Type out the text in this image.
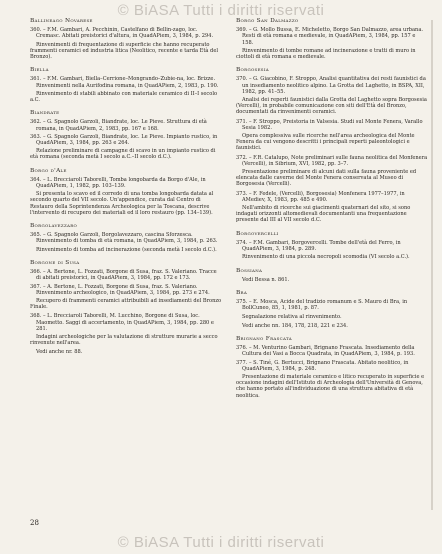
© BiASA Tutti i diritti riservati
Ballineago Novarese
360. – F.M. Gambari, A. Pecchinin, Castelfano di Bellin-zago, loc. Cremasc. Abitati preistorici d'altura, in QuadAPiem, 3, 1984, p. 294.
Rinvenimenti di frequentazione di superficie che hanno recuperato frammenti ceramici ed industria litica (Neolitico, recente e tarda Età del Bronzo).
Biella
361. – F.M. Gambari, Biella–Cerrione–Mongrando–Zubie-na, loc. Brizze. Rinvenimenti nella Aurifodina romana, in QuadAPiem, 2, 1983, p. 190.
Rinvenimento di stabili abbinato con materiale ceramico di II–I secolo a.C.
Biandrate
362. – G. Spagnolo Garzoli, Biandrate, loc. Le Pieve. Struttura di età romana, in QuadAPiem, 2, 1983, pp. 167 e 168.
363. – G. Spagnolo Garzoli, Biandrate, loc. Le Pieve. Impianto rustico, in QuadAPiem, 3, 1984, pp. 263 e 264.
Relazione preliminare di campagne di scavo in un impianto rustico di età romana (seconda metà I secolo a.C.–II secolo d.C.).
Borgo d'Ale
364. – L. Brecciaroli Taborelli, Tomba longobarda da Borgo d'Ale, in QuadAPiem, 1, 1982, pp. 103–139.
Si presenta lo scavo ed il corredo di una tomba longobarda datata al secondo quarto del VII secolo. Un'appendice, curata dal Centro di Restauro della Soprintendenza Archeologica per la Toscana, descrive l'intervento di recupero dei materiali ed il loro restauro (pp. 134–139).
Borgolavezzaro
365. – G. Spagnolo Garzoli, Borgolavezzaro, cascina Sforzesca. Rinvenimento di tomba di età romana, in QuadAPiem, 3, 1984, p. 263.
Rinvenimento di tomba ad incinerazione (seconda metà I secolo d.C.).
Borgone di Susa
366. – A. Bertone, L. Fozzati, Borgone di Susa, fraz. S. Valeriano. Tracce di abitati preistorici, in QuadAPiem, 3, 1984, pp. 172 e 173.
367. – A. Bertone, L. Fozzati, Borgone di Susa, fraz. S. Valeriano. Rinvenimento archeologico, in QuadAPiem, 3, 1984, pp. 273 e 274.
Recupero di frammenti ceramici attribuibili ad insediamenti del Bronzo Finale.
368. – L. Brecciaroli Taborelli, M. Lucchino, Borgone di Susa, loc. Maometto. Saggi di accertamento, in QuadAPiem, 3, 1984, pp. 280 e 281.
Indagini archeologiche per la valutazione di strutture murarie a secco rinvenute nell'area.
Vedi anche nr. 88.
Borgo San Dalmazzo
369. – G. Mollo Bussa, E. Micheletto, Borgo San Dalmazzo, area urbana. Resti di età romana e medievale, in QuadAPiem, 3, 1984, pp. 157 e 158.
Rinvenimento di tombe romane ad incinerazione e tratti di muro in ciottoli di età romana e medievale.
Borgosesia
370. – G. Giacobino, F. Stroppo, Analisi quantitativa dei resti faunistici da un insediamento neolitico alpino. La Grotta del Laghetto, in BSPA, XII, 1982, pp. 41–55.
Analisi dei reperti faunistici dalla Grotta del Laghetto sopra Borgosesia (Vercelli), in probabile comunicazione con siti dell'Età del Bronzo, documentati da rinvenimenti ceramici.
371. – F. Stroppo, Preistoria in Valsesia. Studi sul Monte Fenera, Varallo Sesia 1982.
Opera complessiva sulle ricerche nell'area archeologica del Monte Fenera da cui vengono descritti i principali reperti paleontologici e faunistici.
372. – F.R. Catalupo, Note preliminari sulle fauna neolitica del Monfenera (Vercelli), in Sibrium, XVI, 1982, pp. 3–7.
Presentazione preliminare di alcuni dati sulla fauna proveniente ed elencata dalle caverne del Monte Fenera conservata al Museo di Borgosesia (Vercelli).
373. – F. Fedele, (Vercelli), Borgosesia) Monfenera 1977–1977, in AMediev, X, 1983, pp. 485 e 490.
Nell'ambito di ricerche sui giacimenti quaternari del sito, si sono indagati orizzonti altomedievali documentanti una frequentazione presente dal III al VII secolo d.C.
Borgovercelli
374. – F.M. Gambari, Borgovercelli. Tombe dell'età del Ferro, in QuadAPiem, 3, 1984, p. 289.
Rinvenimento di una piccola necropoli scomodia (VI secolo a.C.).
Bossiana
Vedi Bessa n. 861.
Bra
375. – E. Mosca, Acide del tradizio romanum e S. Mauro di Bra, in BollCuneo, 85, 1, 1981, p. 87.
Segnalazione relativa al rinvenimento.
Vedi anche nn. 184, 178, 218, 221 e 234.
Brignano Frascata
376. – M. Venturino Gambari, Brignano Frascata. Insediamento della Cultura dei Vasi a Bocca Quadrata, in QuadAPiem, 3, 1984, p. 193.
377. – S. Tiné, G. Bertucci, Brignano Frascata. Abitato neolitico, in QuadAPiem, 3, 1984, p. 248.
Presentazione di materiale ceramico e litico recuperato in superficie e occasione indagini dell'Istituto di Archeologia dell'Università di Genova, che hanno portato all'individuazione di una struttura abitativa di età neolitica.
28
© BiASA Tutti i diritti riservati
